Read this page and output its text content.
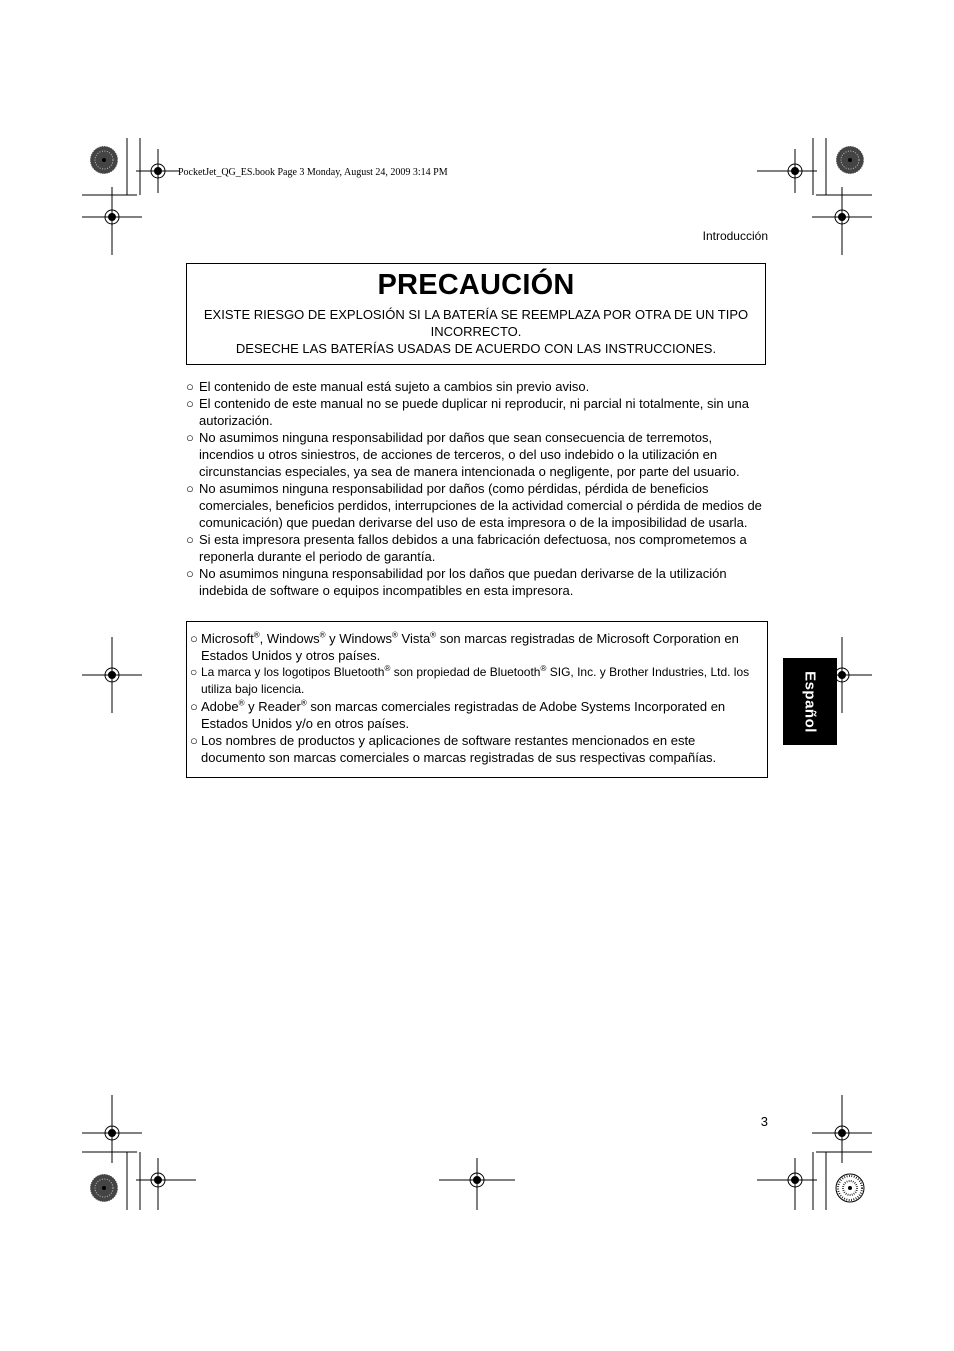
PocketJet_QG_ES.book Page 3 Monday, August 24, 2009 3:14 PM
Introducción
PRECAUCIÓN

EXISTE RIESGO DE EXPLOSIÓN SI LA BATERÍA SE REEMPLAZA POR OTRA DE UN TIPO

INCORRECTO.

DESECHE LAS BATERÍAS USADAS DE ACUERDO CON LAS INSTRUCCIONES.

○ El contenido de este manual está sujeto a cambios sin previo aviso.
○ El contenido de este manual no se puede duplicar ni reproducir, ni parcial ni totalmente, sin una autorización.
○ No asumimos ninguna responsabilidad por daños que sean consecuencia de terremotos, incendios u otros siniestros, de acciones de terceros, o del uso indebido o la utilización en circunstancias especiales, ya sea de manera intencionada o negligente, por parte del usuario.
○ No asumimos ninguna responsabilidad por daños (como pérdidas, pérdida de beneficios comerciales, beneficios perdidos, interrupciones de la actividad comercial o pérdida de medios de comunicación) que puedan derivarse del uso de esta impresora o de la imposibilidad de usarla.
○ Si esta impresora presenta fallos debidos a una fabricación defectuosa, nos comprometemos a reponerla durante el periodo de garantía.
○ No asumimos ninguna responsabilidad por los daños que puedan derivarse de la utilización indebida de software o equipos incompatibles en esta impresora.
○ Microsoft®, Windows® y Windows® Vista® son marcas registradas de Microsoft Corporation en Estados Unidos y otros países.
○ La marca y los logotipos Bluetooth® son propiedad de Bluetooth® SIG, Inc. y Brother Industries, Ltd. los utiliza bajo licencia.
○ Adobe® y Reader® son marcas comerciales registradas de Adobe Systems Incorporated en Estados Unidos y/o en otros países.
○ Los nombres de productos y aplicaciones de software restantes mencionados en este documento son marcas comerciales o marcas registradas de sus respectivas compañías.
Español
3
